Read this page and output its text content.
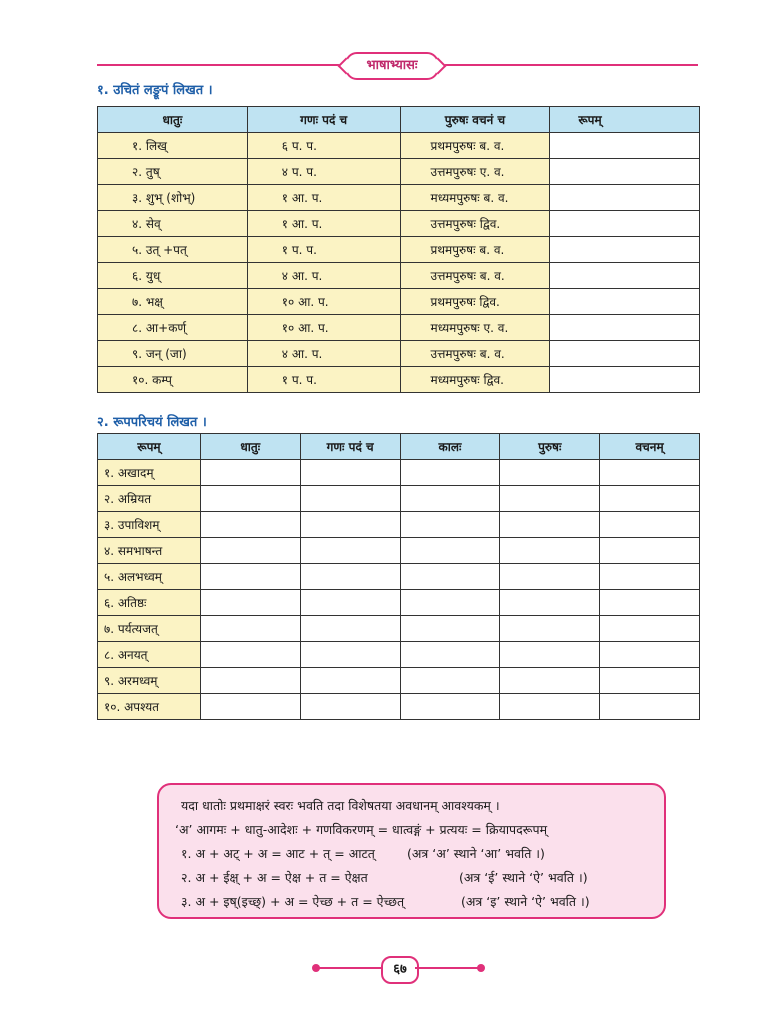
भाषाभ्यासः
१. उचितं लङ्रूपं लिखत ।
धातुः	गणः पदं च	पुरुषः वचनं च	रूपम्
१. लिख्	६ प. प.	प्रथमपुरुषः ब. व.	
२. तुष्	४ प. प.	उत्तमपुरुषः ए. व.	
३. शुभ् (शोभ्)	१ आ. प.	मध्यमपुरुषः ब. व.	
४. सेव्	१ आ. प.	उत्तमपुरुषः द्विव.	
५. उत् +पत्	१ प. प.	प्रथमपुरुषः ब. व.	
६. युध्	४ आ. प.	उत्तमपुरुषः ब. व.	
७. भक्ष्	१० आ. प.	प्रथमपुरुषः द्विव.	
८. आ+कर्ण्	१० आ. प.	मध्यमपुरुषः ए. व.	
९. जन् (जा)	४ आ. प.	उत्तमपुरुषः ब. व.	
१०. कम्प्	१ प. प.	मध्यमपुरुषः द्विव.	
२. रूपपरिचयं लिखत ।
रूपम्	धातुः	गणः पदं च	कालः	पुरुषः	वचनम्
१. अखादम्					
२. अम्रियत					
३. उपाविशम्					
४. समभाषन्त					
५. अलभध्वम्					
६. अतिष्ठः					
७. पर्यत्यजत्					
८. अनयत्					
९. अरमध्वम्					
१०. अपश्यत					
यदा धातोः प्रथमाक्षरं स्वरः भवति तदा विशेषतया अवधानम् आवश्यकम् ।
‘अ’ आगमः + धातु-आदेशः + गणविकरणम् = धात्वङ्गं + प्रत्ययः = क्रियापदरूपम्
१. अ + अट् + अ = आट + त् = आटत्	(अत्र ‘अ’ स्थाने ‘आ’ भवति ।)
२. अ + ईक्ष् + अ = ऐक्ष + त = ऐक्षत	(अत्र ‘ई’ स्थाने ‘ऐ’ भवति ।)
३. अ + इष्(इच्छ्) + अ = ऐच्छ + त = ऐच्छत्	(अत्र ‘इ’ स्थाने ‘ऐ’ भवति ।)
६७
